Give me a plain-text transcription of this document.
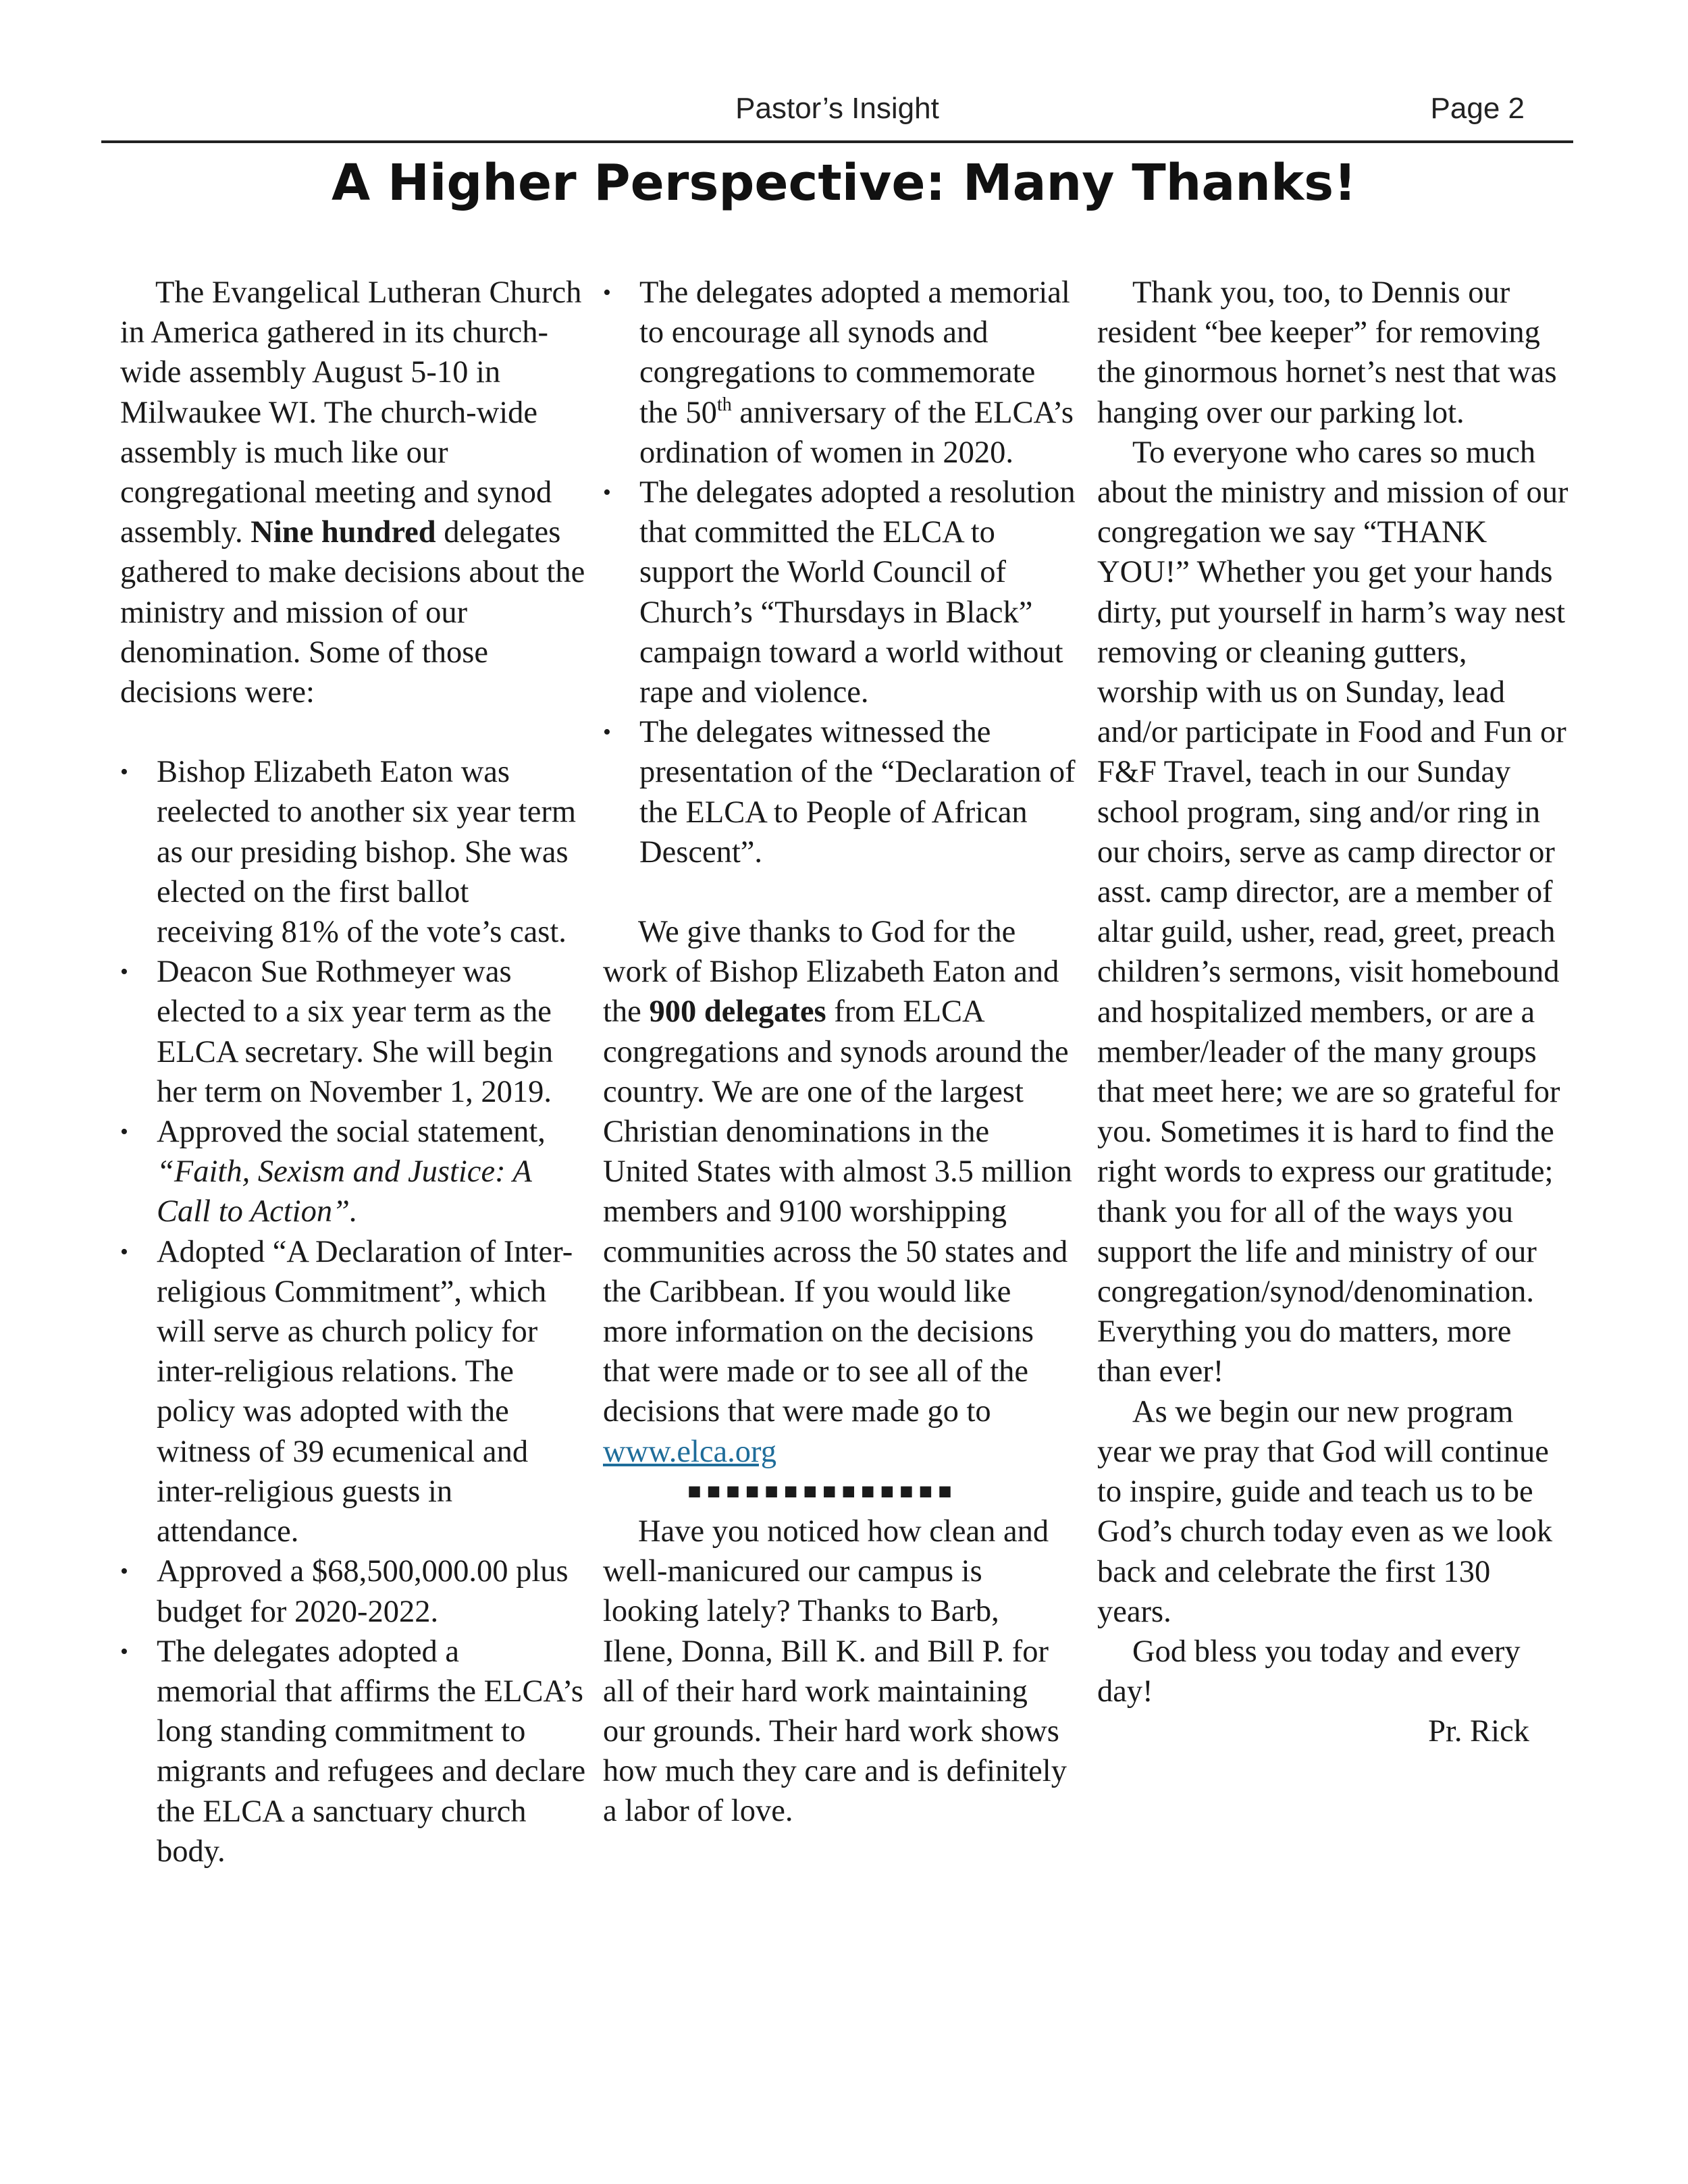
Pastor’s Insight	Page 2
A Higher Perspective: Many Thanks!

The Evangelical Lutheran Church in America gathered in its church-wide assembly August 5-10 in Milwaukee WI. The church-wide assembly is much like our congregational meeting and synod assembly. Nine hundred delegates gathered to make decisions about the ministry and mission of our denomination. Some of those decisions were:

• Bishop Elizabeth Eaton was reelected to another six year term as our presiding bishop. She was elected on the first ballot receiving 81% of the vote’s cast.
• Deacon Sue Rothmeyer was elected to a six year term as the ELCA secretary. She will begin her term on November 1, 2019.
• Approved the social statement, “Faith, Sexism and Justice: A Call to Action”.
• Adopted “A Declaration of Inter-religious Commitment”, which will serve as church policy for inter-religious relations. The policy was adopted with the witness of 39 ecumenical and inter-religious guests in attendance.
• Approved a $68,500,000.00 plus budget for 2020-2022.
• The delegates adopted a memorial that affirms the ELCA’s long standing commitment to migrants and refugees and declare the ELCA a sanctuary church body.
• The delegates adopted a memorial to encourage all synods and congregations to commemorate the 50th anniversary of the ELCA’s ordination of women in 2020.
• The delegates adopted a resolution that committed the ELCA to support the World Council of Church’s “Thursdays in Black” campaign toward a world without rape and violence.
• The delegates witnessed the presentation of the “Declaration of the ELCA to People of African Descent”.

We give thanks to God for the work of Bishop Elizabeth Eaton and the 900 delegates from ELCA congregations and synods around the country. We are one of the largest Christian denominations in the United States with almost 3.5 million members and 9100 worshipping communities across the 50 states and the Caribbean. If you would like more information on the decisions that were made or to see all of the decisions that were made go to www.elca.org

■■■■■■■■■■■■■■

Have you noticed how clean and well-manicured our campus is looking lately? Thanks to Barb, Ilene, Donna, Bill K. and Bill P. for all of their hard work maintaining our grounds. Their hard work shows how much they care and is definitely a labor of love.

Thank you, too, to Dennis our resident “bee keeper” for removing the ginormous hornet’s nest that was hanging over our parking lot.

To everyone who cares so much about the ministry and mission of our congregation we say “THANK YOU!” Whether you get your hands dirty, put yourself in harm’s way nest removing or cleaning gutters, worship with us on Sunday, lead and/or participate in Food and Fun or F&F Travel, teach in our Sunday school program, sing and/or ring in our choirs, serve as camp director or asst. camp director, are a member of altar guild, usher, read, greet, preach children’s sermons, visit homebound and hospitalized members, or are a member/leader of the many groups that meet here; we are so grateful for you. Sometimes it is hard to find the right words to express our gratitude; thank you for all of the ways you support the life and ministry of our congregation/synod/denomination. Everything you do matters, more than ever!

As we begin our new program year we pray that God will continue to inspire, guide and teach us to be God’s church today even as we look back and celebrate the first 130 years.

God bless you today and every day!

Pr. Rick
